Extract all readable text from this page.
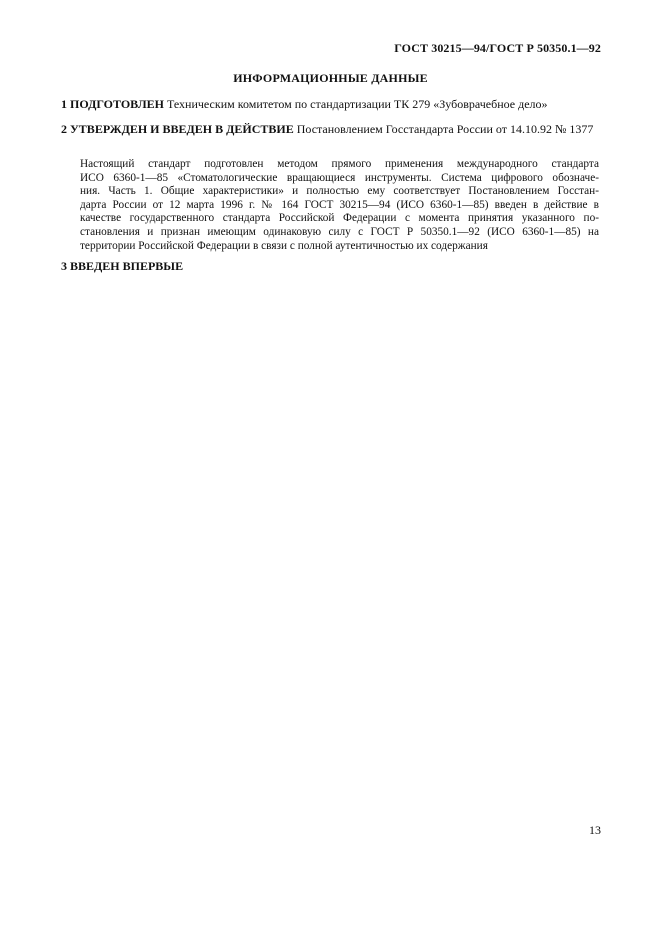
ГОСТ 30215—94/ГОСТ Р 50350.1—92
ИНФОРМАЦИОННЫЕ ДАННЫЕ
1 ПОДГОТОВЛЕН Техническим комитетом по стандартизации ТК 279 «Зубоврачебное дело»
2 УТВЕРЖДЕН И ВВЕДЕН В ДЕЙСТВИЕ Постановлением Госстандарта России от 14.10.92 № 1377
Настоящий стандарт подготовлен методом прямого применения международного стандарта
ИСО 6360-1—85 «Стоматологические вращающиеся инструменты. Система цифрового обозначе-
ния. Часть 1. Общие характеристики» и полностью ему соответствует Постановлением Госстан-
дарта России от 12 марта 1996 г. № 164 ГОСТ 30215—94 (ИСО 6360-1—85) введен в действие в
качестве государственного стандарта Российской Федерации с момента принятия указанного по-
становления и признан имеющим одинаковую силу с ГОСТ Р 50350.1—92 (ИСО 6360-1—85) на
территории Российской Федерации в связи с полной аутентичностью их содержания
3 ВВЕДЕН ВПЕРВЫЕ
13
